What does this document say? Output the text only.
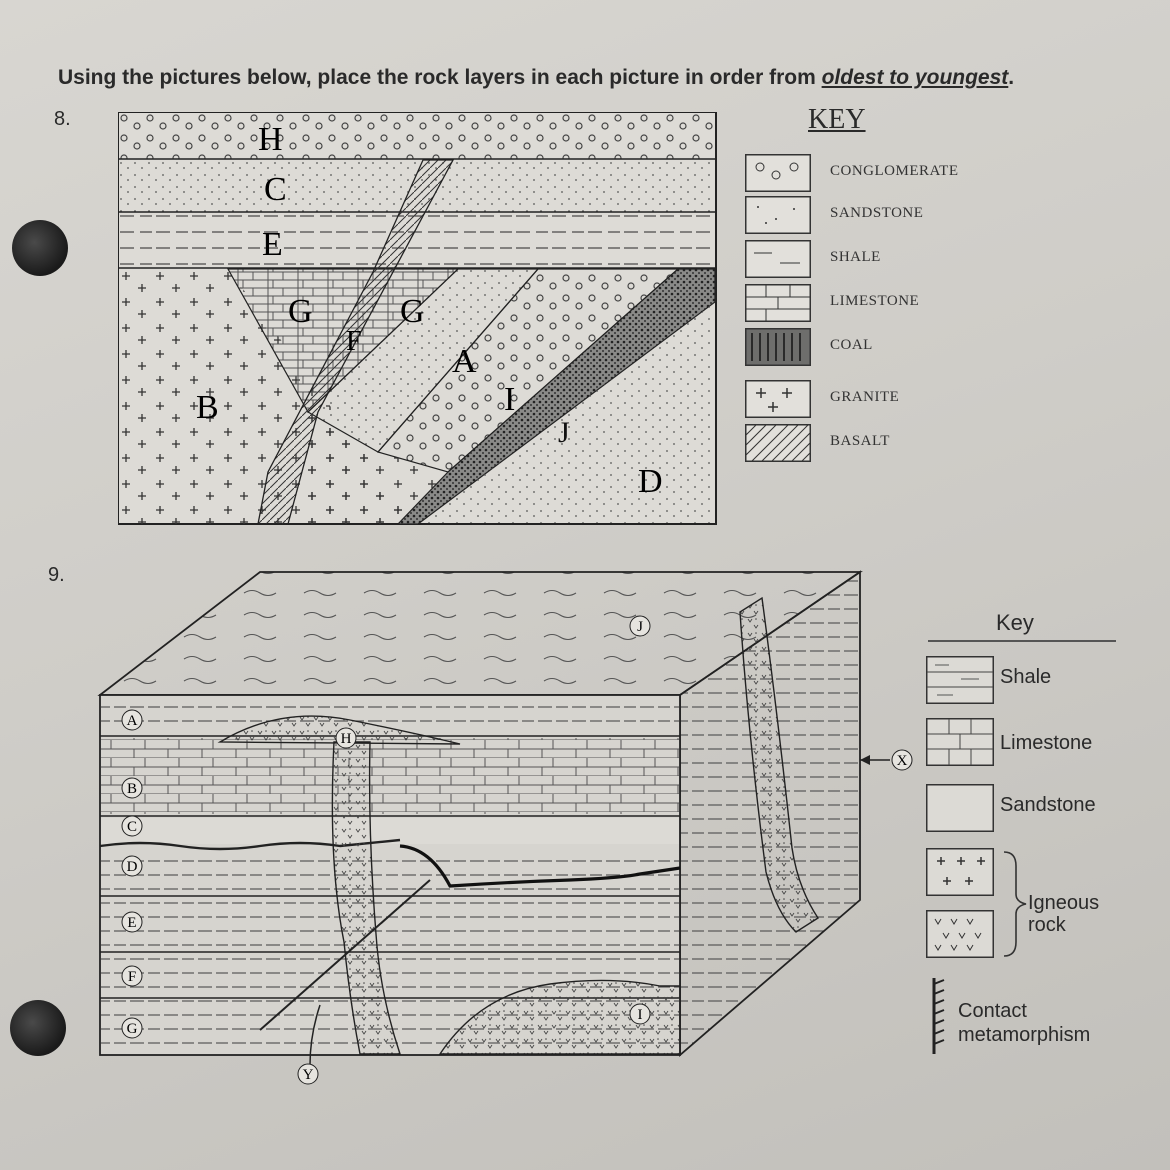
Using the pictures below, place the rock layers in each picture in order from oldest to youngest.
8.
9.
H
C
E
G	G
F
A
I
J
B
D
KEY
CONGLOMERATE
SANDSTONE
SHALE
LIMESTONE
COAL
GRANITE
BASALT
A
B
C
D
E
F
G
H
I
J
X
Y
Key
Shale
Limestone
Sandstone
Igneous
rock
Contact
metamorphism
